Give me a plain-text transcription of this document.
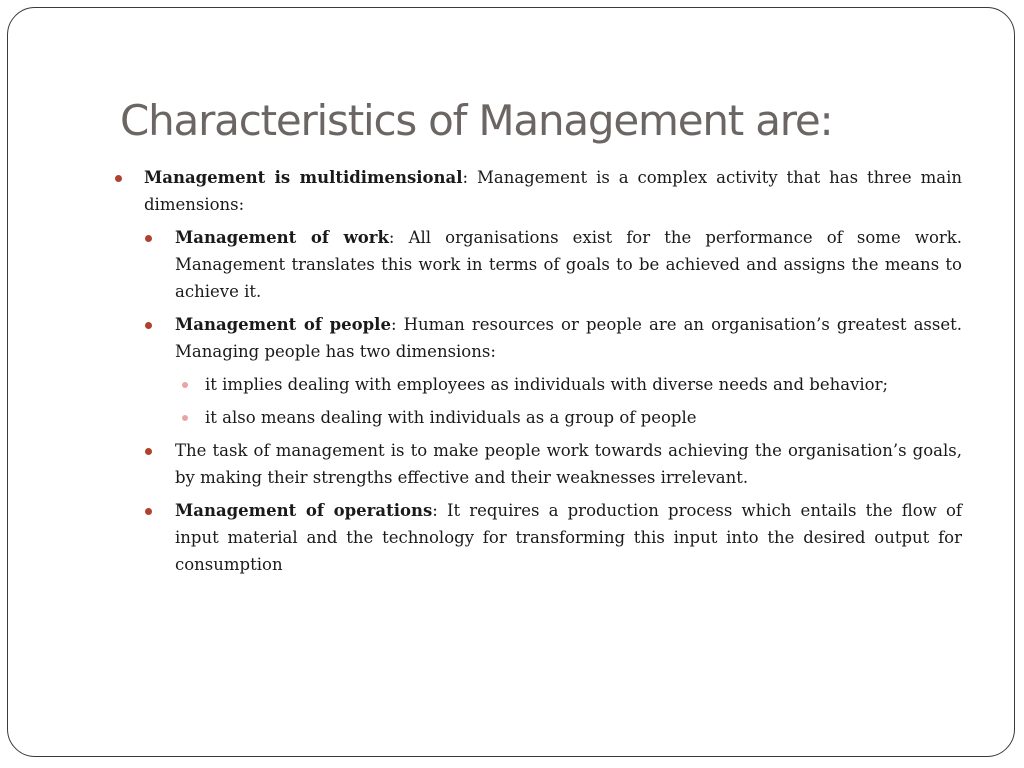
Characteristics of Management are:
Management is multidimensional: Management is a complex activity that has three main dimensions:
Management of work: All organisations exist for the performance of some work. Management translates this work in terms of goals to be achieved and assigns the means to achieve it.
Management of people: Human resources or people are an organisation’s greatest asset. Managing people has two dimensions:
it implies dealing with employees as individuals with diverse needs and behavior;
it also means dealing with individuals as a group of people
The task of management is to make people work towards achieving the organisation’s goals, by making their strengths effective and their weaknesses irrelevant.
Management of operations: It requires a production process which entails the flow of input material and the technology for transforming this input into the desired output for consumption
